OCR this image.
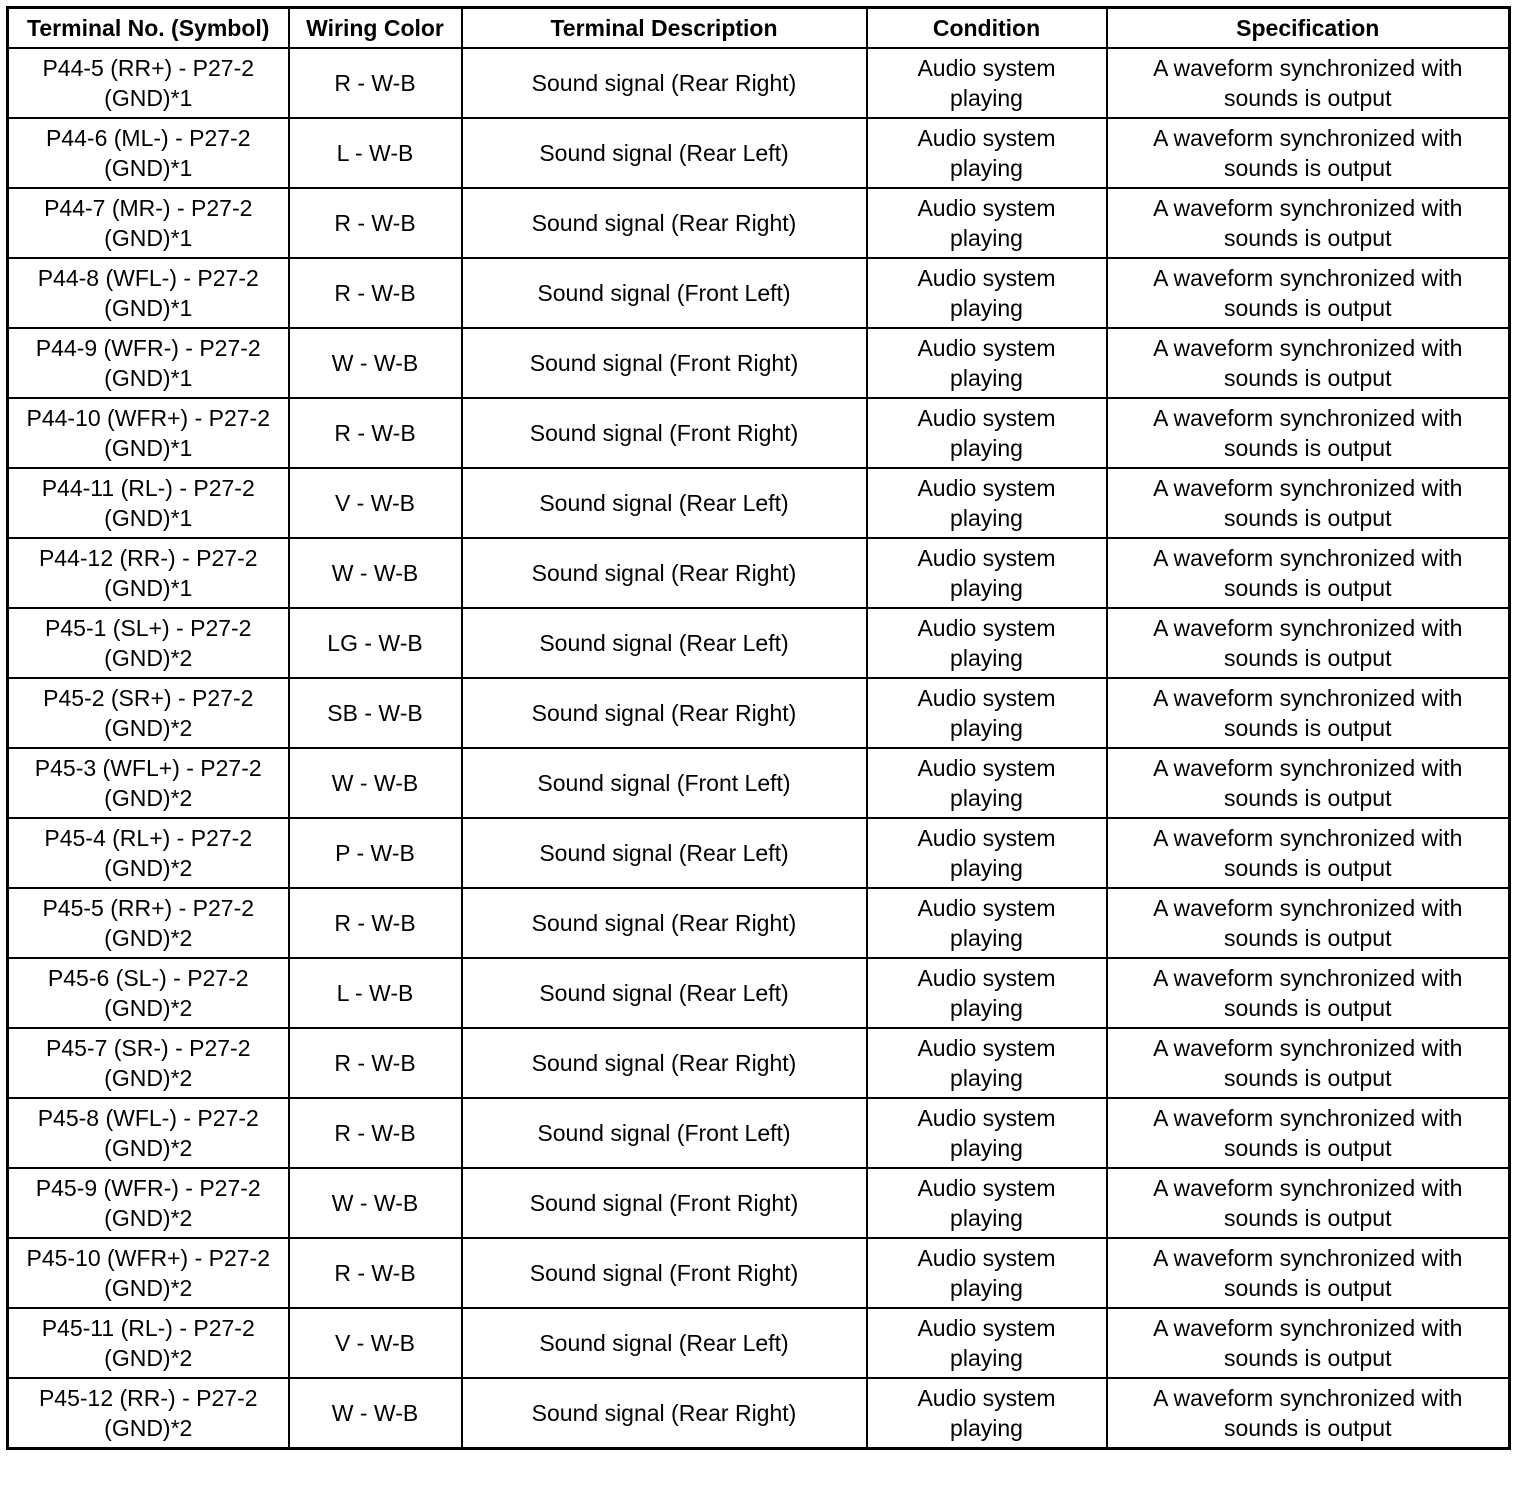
Terminal No. (Symbol)	Wiring Color	Terminal Description	Condition	Specification

P44-5 (RR+) - P27-2
(GND)*1	R - W-B	Sound signal (Rear Right)	Audio system
playing	A waveform synchronized with
sounds is output

P44-6 (ML-) - P27-2
(GND)*1	L - W-B	Sound signal (Rear Left)	Audio system
playing	A waveform synchronized with
sounds is output

P44-7 (MR-) - P27-2
(GND)*1	R - W-B	Sound signal (Rear Right)	Audio system
playing	A waveform synchronized with
sounds is output

P44-8 (WFL-) - P27-2
(GND)*1	R - W-B	Sound signal (Front Left)	Audio system
playing	A waveform synchronized with
sounds is output

P44-9 (WFR-) - P27-2
(GND)*1	W - W-B	Sound signal (Front Right)	Audio system
playing	A waveform synchronized with
sounds is output

P44-10 (WFR+) - P27-2
(GND)*1	R - W-B	Sound signal (Front Right)	Audio system
playing	A waveform synchronized with
sounds is output

P44-11 (RL-) - P27-2
(GND)*1	V - W-B	Sound signal (Rear Left)	Audio system
playing	A waveform synchronized with
sounds is output

P44-12 (RR-) - P27-2
(GND)*1	W - W-B	Sound signal (Rear Right)	Audio system
playing	A waveform synchronized with
sounds is output

P45-1 (SL+) - P27-2
(GND)*2	LG - W-B	Sound signal (Rear Left)	Audio system
playing	A waveform synchronized with
sounds is output

P45-2 (SR+) - P27-2
(GND)*2	SB - W-B	Sound signal (Rear Right)	Audio system
playing	A waveform synchronized with
sounds is output

P45-3 (WFL+) - P27-2
(GND)*2	W - W-B	Sound signal (Front Left)	Audio system
playing	A waveform synchronized with
sounds is output

P45-4 (RL+) - P27-2
(GND)*2	P - W-B	Sound signal (Rear Left)	Audio system
playing	A waveform synchronized with
sounds is output

P45-5 (RR+) - P27-2
(GND)*2	R - W-B	Sound signal (Rear Right)	Audio system
playing	A waveform synchronized with
sounds is output

P45-6 (SL-) - P27-2
(GND)*2	L - W-B	Sound signal (Rear Left)	Audio system
playing	A waveform synchronized with
sounds is output

P45-7 (SR-) - P27-2
(GND)*2	R - W-B	Sound signal (Rear Right)	Audio system
playing	A waveform synchronized with
sounds is output

P45-8 (WFL-) - P27-2
(GND)*2	R - W-B	Sound signal (Front Left)	Audio system
playing	A waveform synchronized with
sounds is output

P45-9 (WFR-) - P27-2
(GND)*2	W - W-B	Sound signal (Front Right)	Audio system
playing	A waveform synchronized with
sounds is output

P45-10 (WFR+) - P27-2
(GND)*2	R - W-B	Sound signal (Front Right)	Audio system
playing	A waveform synchronized with
sounds is output

P45-11 (RL-) - P27-2
(GND)*2	V - W-B	Sound signal (Rear Left)	Audio system
playing	A waveform synchronized with
sounds is output

P45-12 (RR-) - P27-2
(GND)*2	W - W-B	Sound signal (Rear Right)	Audio system
playing	A waveform synchronized with
sounds is output
